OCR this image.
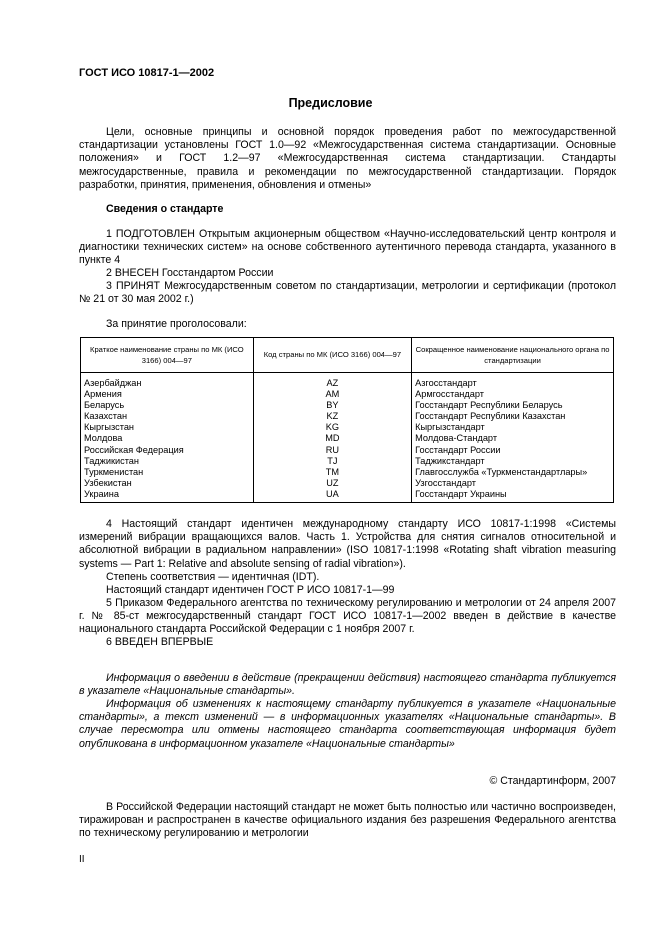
ГОСТ ИСО 10817-1—2002
Предисловие
Цели, основные принципы и основной порядок проведения работ по межгосударственной стандартизации установлены ГОСТ 1.0—92 «Межгосударственная система стандартизации. Основные положения» и ГОСТ 1.2—97 «Межгосударственная система стандартизации. Стандарты межгосударственные, правила и рекомендации по межгосударственной стандартизации. Порядок разработки, принятия, применения, обновления и отмены»
Сведения о стандарте
1 ПОДГОТОВЛЕН Открытым акционерным обществом «Научно-исследовательский центр контроля и диагностики технических систем» на основе собственного аутентичного перевода стандарта, указанного в пункте 4
2 ВНЕСЕН Госстандартом России
3 ПРИНЯТ Межгосударственным советом по стандартизации, метрологии и сертификации (протокол № 21 от 30 мая 2002 г.)
За принятие проголосовали:
Краткое наименование страны по МК (ИСО 3166) 004—97	Код страны по МК (ИСО 3166) 004—97	Сокращенное наименование национального органа по стандартизации
Азербайджан	AZ	Азгосстандарт
Армения	AM	Армгосстандарт
Беларусь	BY	Госстандарт Республики Беларусь
Казахстан	KZ	Госстандарт Республики Казахстан
Кыргызстан	KG	Кыргызстандарт
Молдова	MD	Молдова-Стандарт
Российская Федерация	RU	Госстандарт России
Таджикистан	TJ	Таджикстандарт
Туркменистан	TM	Главгосслужба «Туркменстандартлары»
Узбекистан	UZ	Узгосстандарт
Украина	UA	Госстандарт Украины
4 Настоящий стандарт идентичен международному стандарту ИСО 10817-1:1998 «Системы измерений вибрации вращающихся валов. Часть 1. Устройства для снятия сигналов относительной и абсолютной вибрации в радиальном направлении» (ISO 10817-1:1998 «Rotating shaft vibration measuring systems — Part 1: Relative and absolute sensing of radial vibration»).
Степень соответствия — идентичная (IDT).
Настоящий стандарт идентичен ГОСТ Р ИСО 10817-1—99
5 Приказом Федерального агентства по техническому регулированию и метрологии от 24 апреля 2007 г. № 85-ст межгосударственный стандарт ГОСТ ИСО 10817-1—2002 введен в действие в качестве национального стандарта Российской Федерации с 1 ноября 2007 г.
6 ВВЕДЕН ВПЕРВЫЕ
Информация о введении в действие (прекращении действия) настоящего стандарта публикуется в указателе «Национальные стандарты».
Информация об изменениях к настоящему стандарту публикуется в указателе «Национальные стандарты», а текст изменений — в информационных указателях «Национальные стандарты». В случае пересмотра или отмены настоящего стандарта соответствующая информация будет опубликована в информационном указателе «Национальные стандарты»
© Стандартинформ, 2007
В Российской Федерации настоящий стандарт не может быть полностью или частично воспроизведен, тиражирован и распространен в качестве официального издания без разрешения Федерального агентства по техническому регулированию и метрологии
II
